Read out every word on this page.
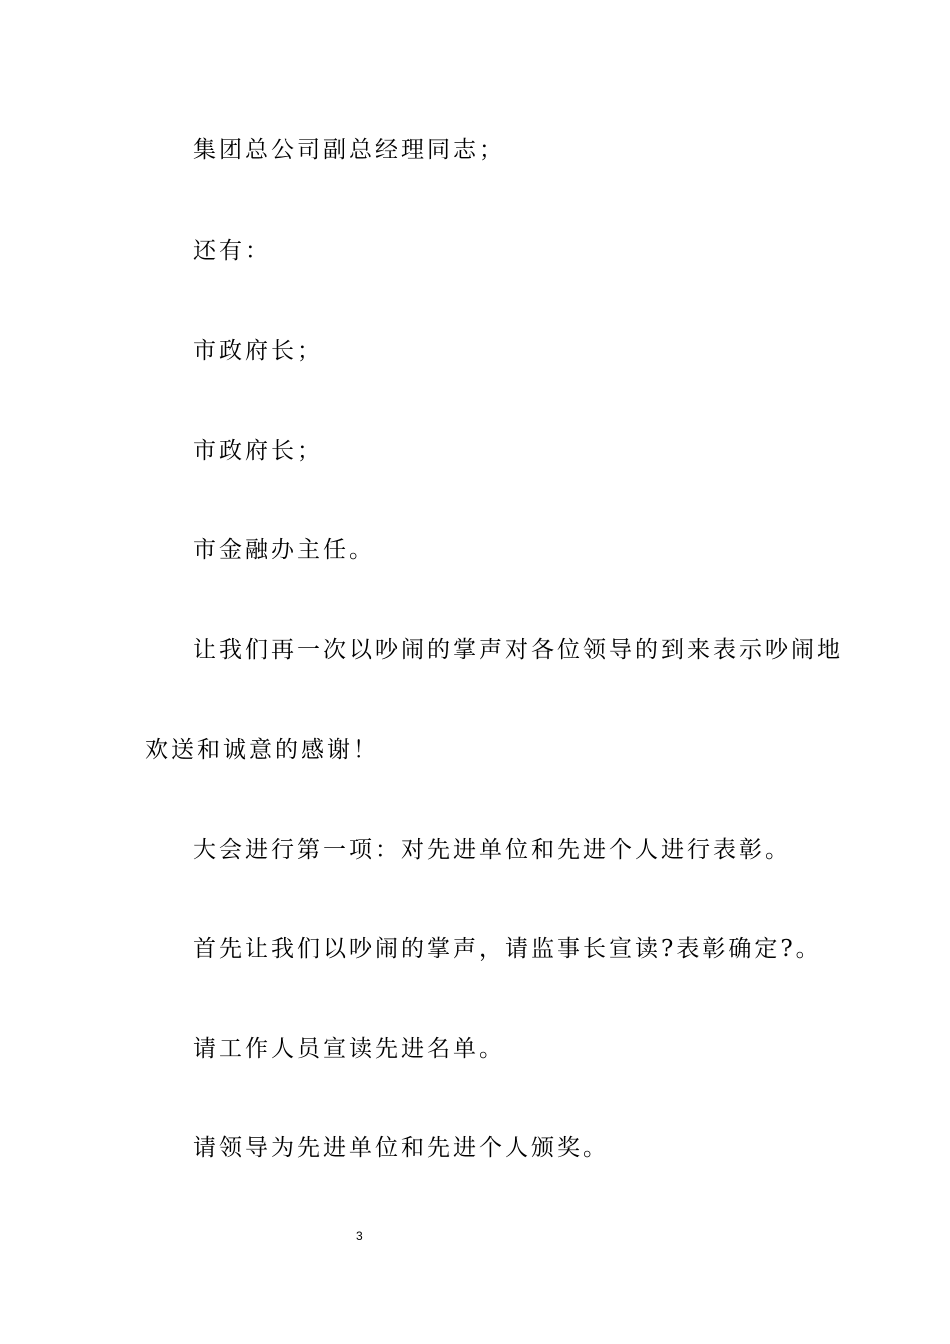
集团总公司副总经理同志；
还有：
市政府长；
市政府长；
市金融办主任。
让我们再一次以吵闹的掌声对各位领导的到来表示吵闹地
欢送和诚意的感谢！
大会进行第一项：对先进单位和先进个人进行表彰。
首先让我们以吵闹的掌声，请监事长宣读?表彰确定?。
请工作人员宣读先进名单。
请领导为先进单位和先进个人颁奖。
3
